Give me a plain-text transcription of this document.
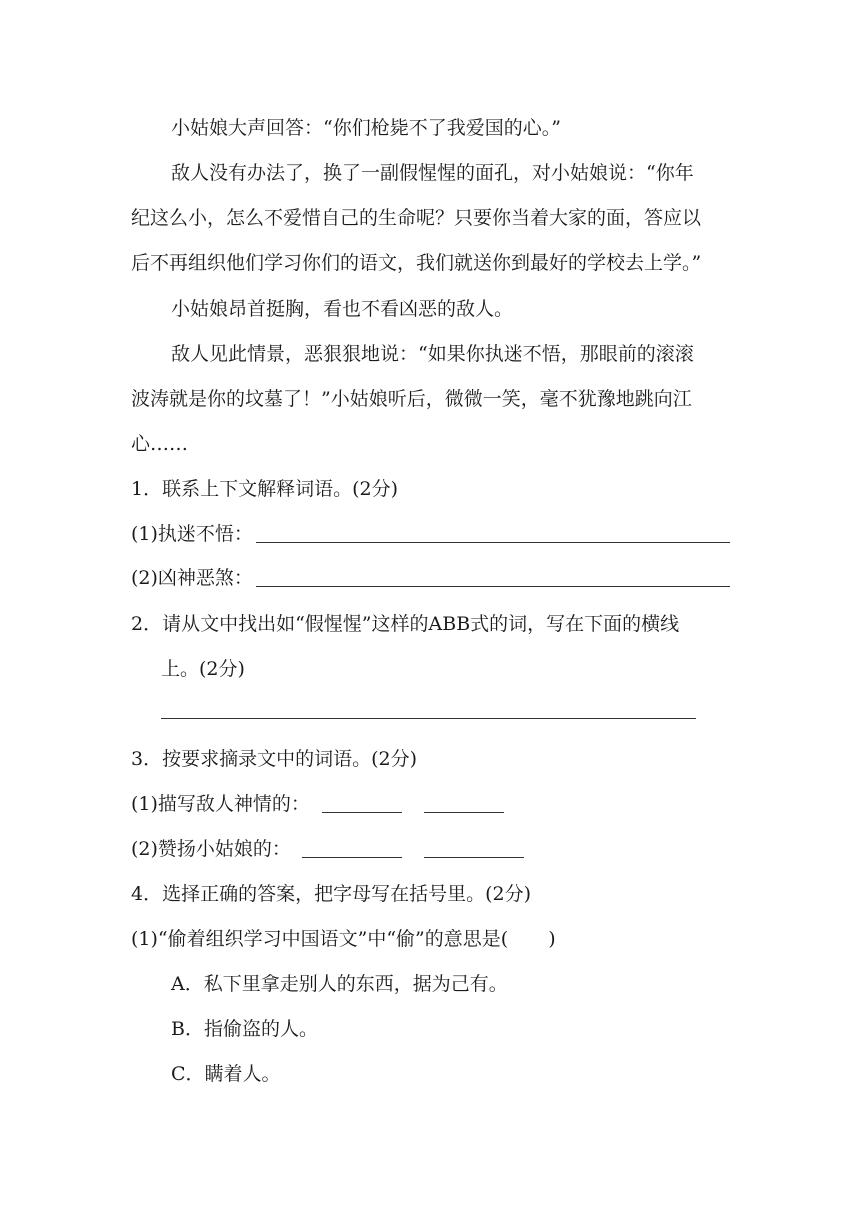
小姑娘大声回答：“你们枪毙不了我爱国的心。”
敌人没有办法了，换了一副假惺惺的面孔，对小姑娘说：“你年
纪这么小，怎么不爱惜自己的生命呢？只要你当着大家的面，答应以
后不再组织他们学习你们的语文，我们就送你到最好的学校去上学。”
小姑娘昂首挺胸，看也不看凶恶的敌人。
敌人见此情景，恶狠狠地说：“如果你执迷不悟，那眼前的滚滚
波涛就是你的坟墓了！”小姑娘听后，微微一笑，毫不犹豫地跳向江
心……
1．联系上下文解释词语。(2分)
(1)执迷不悟：
(2)凶神恶煞：
2．请从文中找出如“假惺惺”这样的ABB式的词，写在下面的横线
上。(2分)
3．按要求摘录文中的词语。(2分)
(1)描写敌人神情的：
(2)赞扬小姑娘的：
4．选择正确的答案，把字母写在括号里。(2分)
(1)“偷着组织学习中国语文”中“偷”的意思是( )
A．私下里拿走别人的东西，据为己有。
B．指偷盗的人。
C．瞒着人。
